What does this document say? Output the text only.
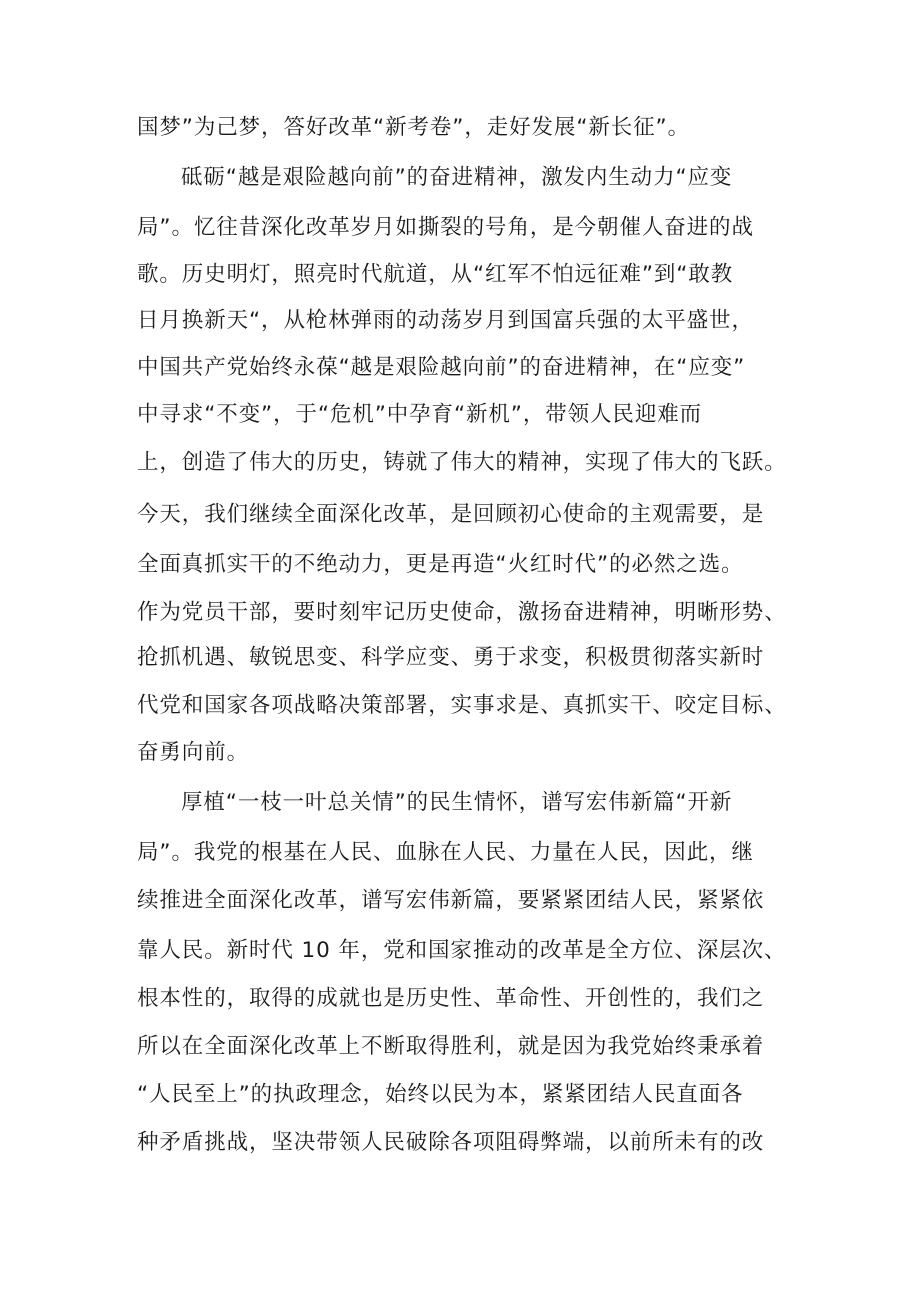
国梦”为己梦，答好改革“新考卷”，走好发展“新长征”。
砥砺“越是艰险越向前”的奋进精神，激发内生动力“应变
局”。忆往昔深化改革岁月如撕裂的号角，是今朝催人奋进的战
歌。历史明灯，照亮时代航道，从“红军不怕远征难”到“敢教
日月换新天“，从枪林弹雨的动荡岁月到国富兵强的太平盛世，
中国共产党始终永葆“越是艰险越向前”的奋进精神，在“应变”
中寻求“不变”，于“危机”中孕育“新机”，带领人民迎难而
上，创造了伟大的历史，铸就了伟大的精神，实现了伟大的飞跃。
今天，我们继续全面深化改革，是回顾初心使命的主观需要，是
全面真抓实干的不绝动力，更是再造“火红时代”的必然之选。
作为党员干部，要时刻牢记历史使命，激扬奋进精神，明晰形势、
抢抓机遇、敏锐思变、科学应变、勇于求变，积极贯彻落实新时
代党和国家各项战略决策部署，实事求是、真抓实干、咬定目标、
奋勇向前。
厚植“一枝一叶总关情”的民生情怀，谱写宏伟新篇“开新
局”。我党的根基在人民、血脉在人民、力量在人民，因此，继
续推进全面深化改革，谱写宏伟新篇，要紧紧团结人民，紧紧依
靠人民。新时代 10 年，党和国家推动的改革是全方位、深层次、
根本性的，取得的成就也是历史性、革命性、开创性的，我们之
所以在全面深化改革上不断取得胜利，就是因为我党始终秉承着
“人民至上”的执政理念，始终以民为本，紧紧团结人民直面各
种矛盾挑战，坚决带领人民破除各项阻碍弊端，以前所未有的改
